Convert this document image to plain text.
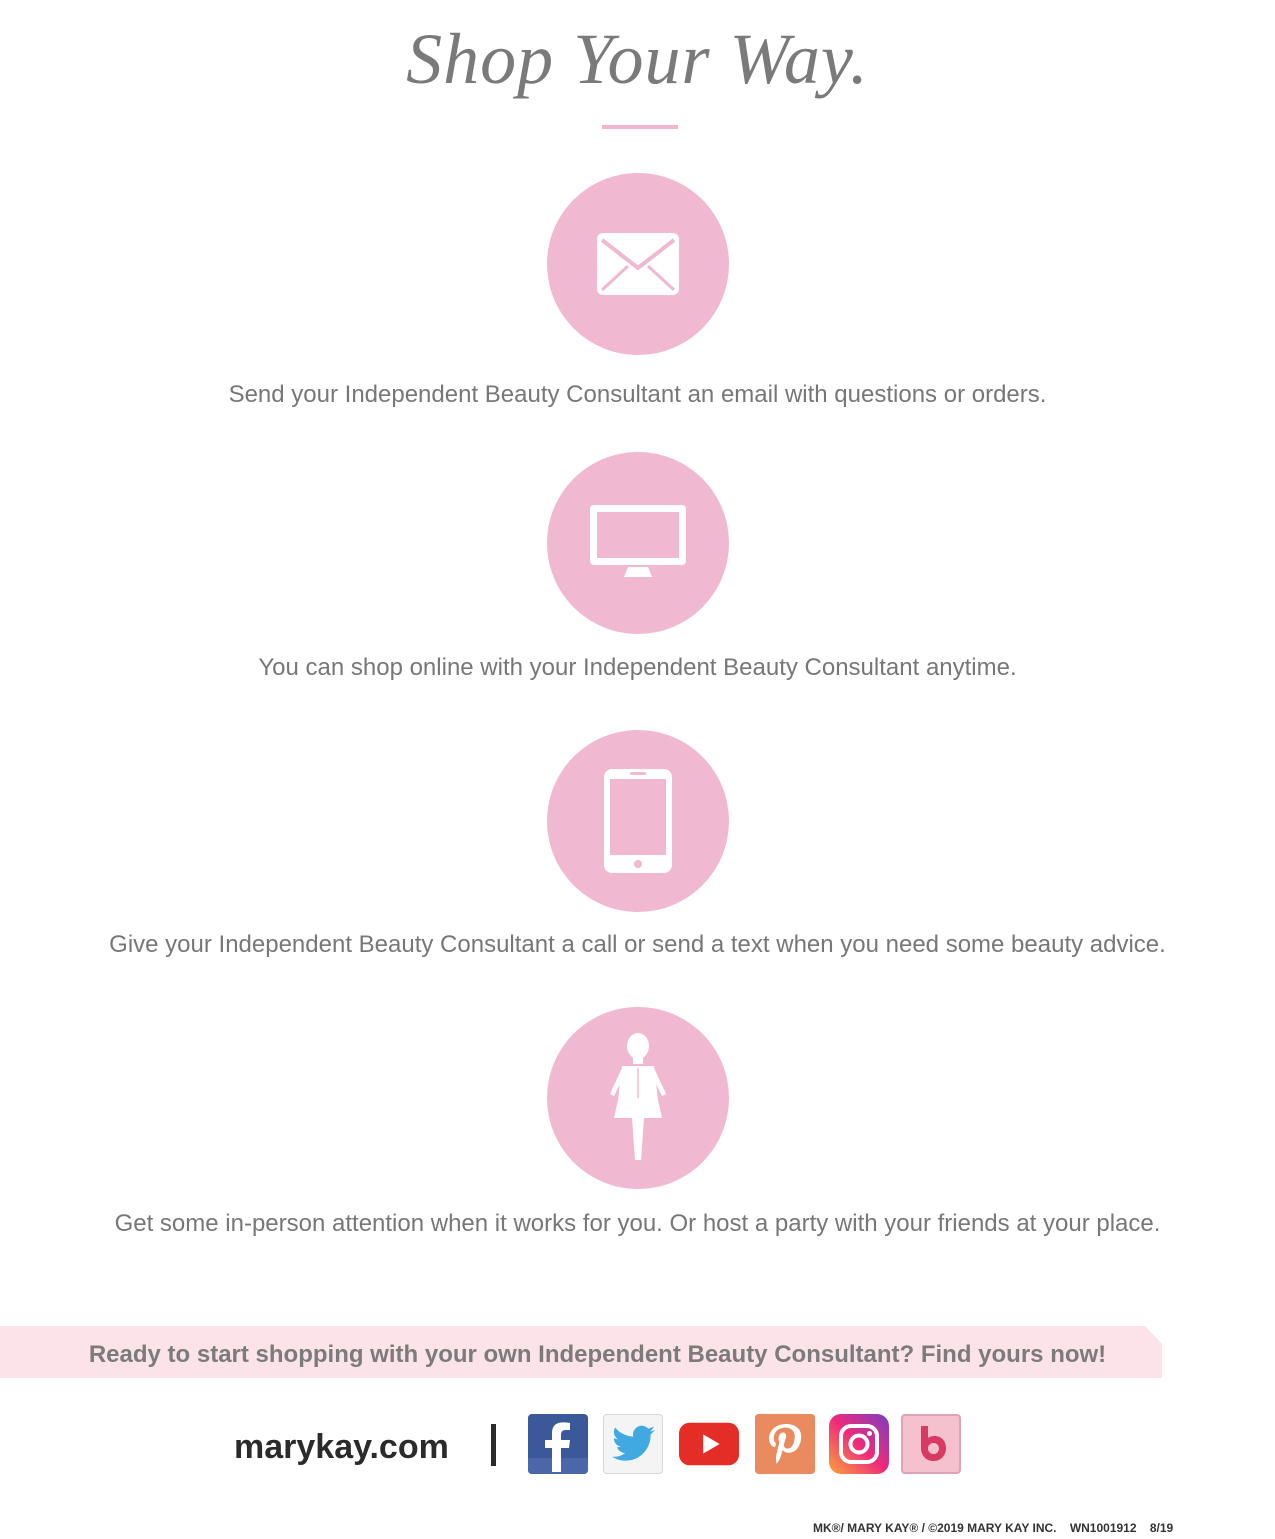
Shop Your Way.
Send your Independent Beauty Consultant an email with questions or orders.
You can shop online with your Independent Beauty Consultant anytime.
Give your Independent Beauty Consultant a call or send a text when you need some beauty advice.
Get some in-person attention when it works for you. Or host a party with your friends at your place.
Ready to start shopping with your own Independent Beauty Consultant? Find yours now!
marykay.com
MK®/ MARY KAY® / ©2019 MARY KAY INC.    WN1001912    8/19
